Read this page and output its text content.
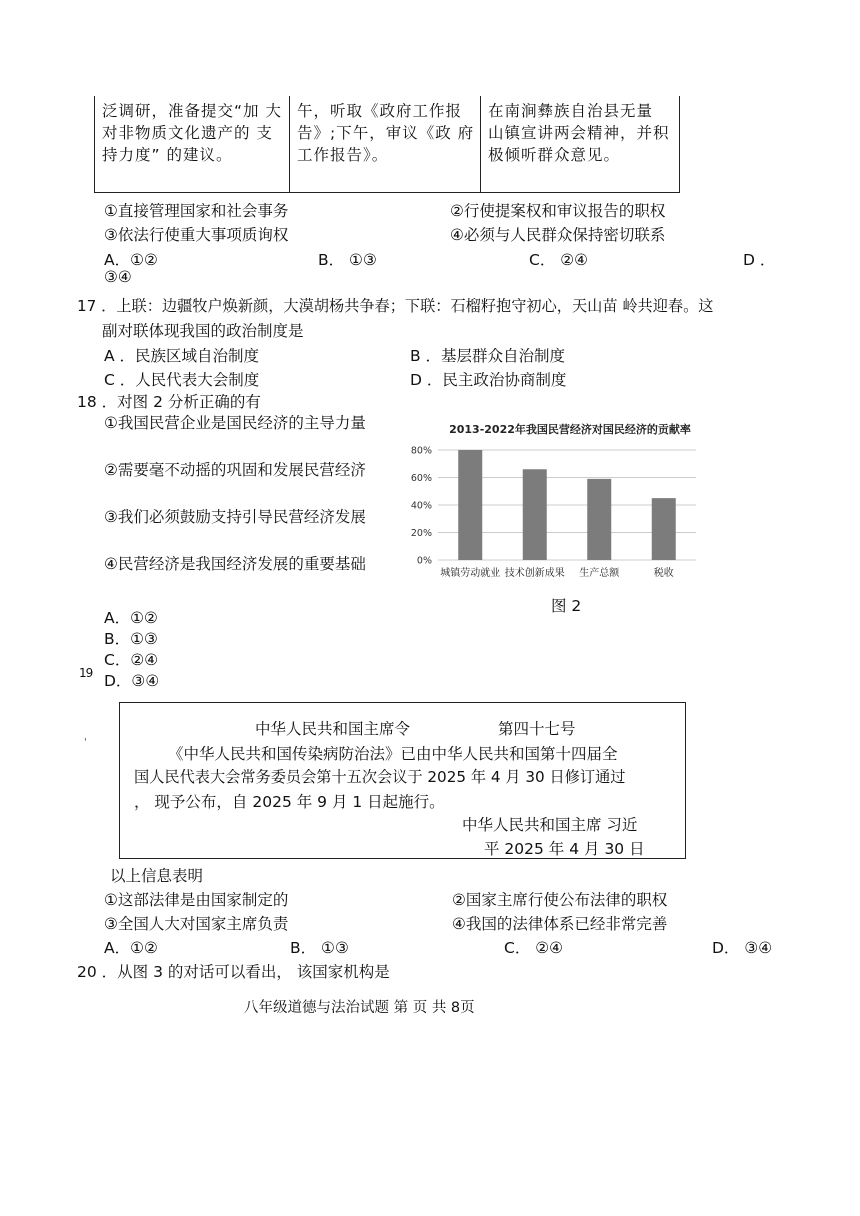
泛调研，准备提交“加 大对非物质文化遗产的 支持力度” 的建议。
午，听取《政府工作报告》;下午，审议《政 府工作报告》。
在南涧彝族自治县无量 山镇宣讲两会精神，并积 极倾听群众意见。
①直接管理国家和社会事务	②行使提案权和审议报告的职权
③依法行使重大事项质询权	④必须与人民群众保持密切联系
A．①②	B． ①③	C． ②④	D ．
③④
17 ．上联：边疆牧户焕新颜，大漠胡杨共争春；下联：石榴籽抱守初心，天山苗 岭共迎春。这
副对联体现我国的政治制度是
A ．民族区域自治制度	B ．基层群众自治制度
C ．人民代表大会制度	D ．民主政治协商制度
18 ．对图 2 分析正确的有
①我国民营企业是国民经济的主导力量
②需要毫不动摇的巩固和发展民营经济
③我们必须鼓励支持引导民营经济发展
④民营经济是我国经济发展的重要基础
A．①②
B．①③
C．②④
D．③④
2013-2022年我国民营经济对国民经济的贡献率
80%
60%
40%
20%
0%
城镇劳动就业 技术创新成果 生产总额	税收
图 2
19
'
中华人民共和国主席令	第四十七号
《中华人民共和国传染病防治法》已由中华人民共和国第十四届全
国人民代表大会常务委员会第十五次会议于 2025 年 4 月 30 日修订通过
， 现予公布，自 2025 年 9 月 1 日起施行。
中华人民共和国主席 习近
平 2025 年 4 月 30 日
以上信息表明
①这部法律是由国家制定的	②国家主席行使公布法律的职权
③全国人大对国家主席负责	④我国的法律体系已经非常完善
A．①②	B． ①③	C． ②④	D． ③④
20 ．从图 3 的对话可以看出， 该国家机构是
八年级道德与法治试题 第 页 共 8页
